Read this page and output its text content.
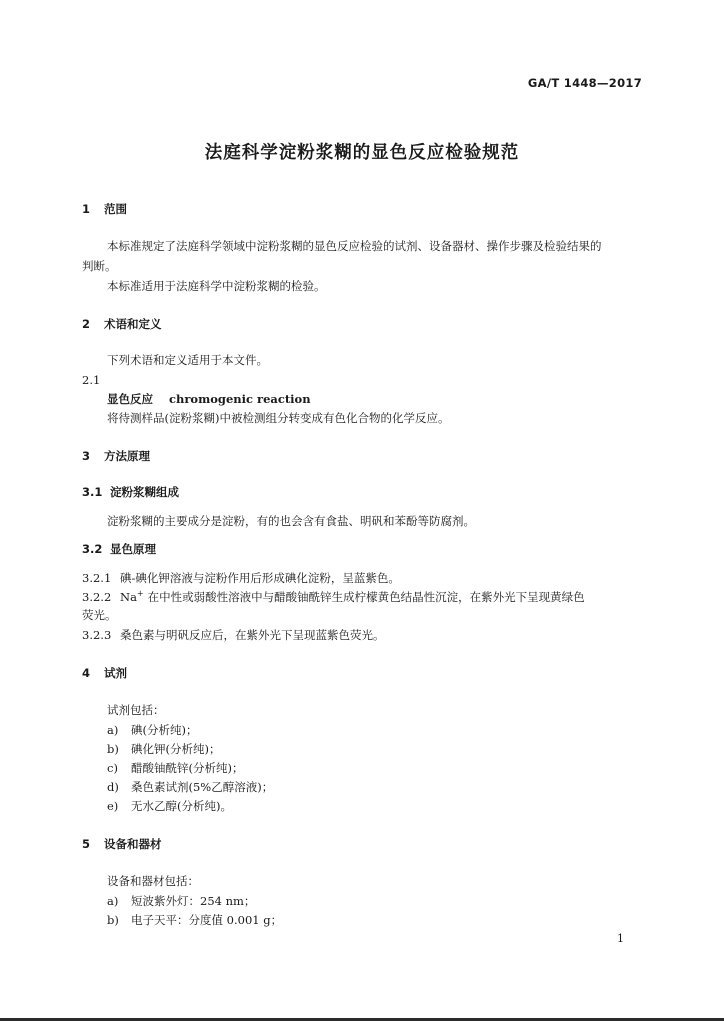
GA/T 1448—2017
法庭科学淀粉浆糊的显色反应检验规范
1 范围
本标准规定了法庭科学领域中淀粉浆糊的显色反应检验的试剂、设备器材、操作步骤及检验结果的
判断。
本标准适用于法庭科学中淀粉浆糊的检验。
2 术语和定义
下列术语和定义适用于本文件。
2.1
显色反应 chromogenic reaction
将待测样品(淀粉浆糊)中被检测组分转变成有色化合物的化学反应。
3 方法原理
3.1 淀粉浆糊组成
淀粉浆糊的主要成分是淀粉，有的也会含有食盐、明矾和苯酚等防腐剂。
3.2 显色原理
3.2.1 碘-碘化钾溶液与淀粉作用后形成碘化淀粉，呈蓝紫色。
3.2.2 Na+ 在中性或弱酸性溶液中与醋酸铀酰锌生成柠檬黄色结晶性沉淀，在紫外光下呈现黄绿色
荧光。
3.2.3 桑色素与明矾反应后，在紫外光下呈现蓝紫色荧光。
4 试剂
试剂包括：
a) 碘(分析纯)；
b) 碘化钾(分析纯)；
c) 醋酸铀酰锌(分析纯)；
d) 桑色素试剂(5%乙醇溶液)；
e) 无水乙醇(分析纯)。
5 设备和器材
设备和器材包括：
a) 短波紫外灯：254 nm；
b) 电子天平：分度值 0.001 g；
1
